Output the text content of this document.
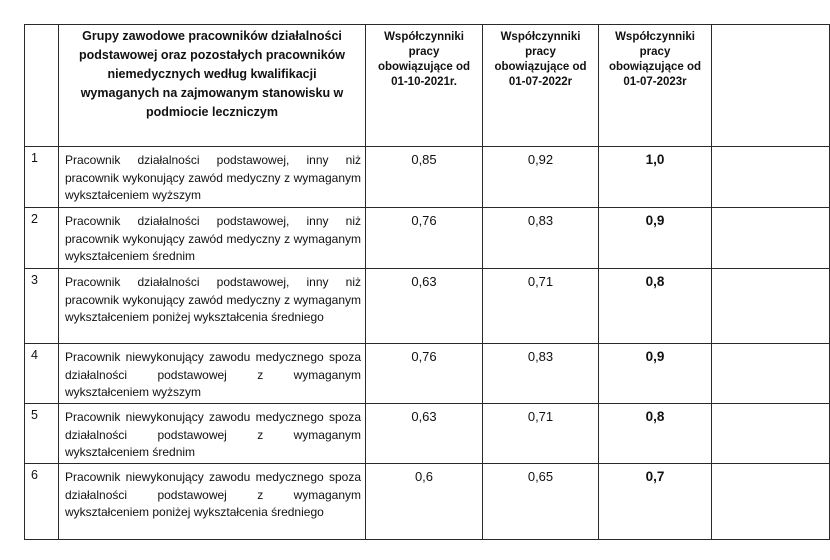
	Grupy zawodowe pracowników działalności podstawowej oraz pozostałych pracowników niemedycznych według kwalifikacji wymaganych na zajmowanym stanowisku w podmiocie leczniczym	Współczynniki pracy obowiązujące od 01-10-2021r.	Współczynniki pracy obowiązujące od 01-07-2022r	Współczynniki pracy obowiązujące od 01-07-2023r	
1	Pracownik działalności podstawowej, inny niż pracownik wykonujący zawód medyczny z wymaganym wykształceniem wyższym	0,85	0,92	1,0	
2	Pracownik działalności podstawowej, inny niż pracownik wykonujący zawód medyczny z wymaganym wykształceniem średnim	0,76	0,83	0,9	
3	Pracownik działalności podstawowej, inny niż pracownik wykonujący zawód medyczny z wymaganym wykształceniem poniżej wykształcenia średniego	0,63	0,71	0,8	
4	Pracownik niewykonujący zawodu medycznego spoza działalności podstawowej z wymaganym wykształceniem wyższym	0,76	0,83	0,9	
5	Pracownik niewykonujący zawodu medycznego spoza działalności podstawowej z wymaganym wykształceniem średnim	0,63	0,71	0,8	
6	Pracownik niewykonujący zawodu medycznego spoza działalności podstawowej z wymaganym wykształceniem poniżej wykształcenia średniego	0,6	0,65	0,7	
